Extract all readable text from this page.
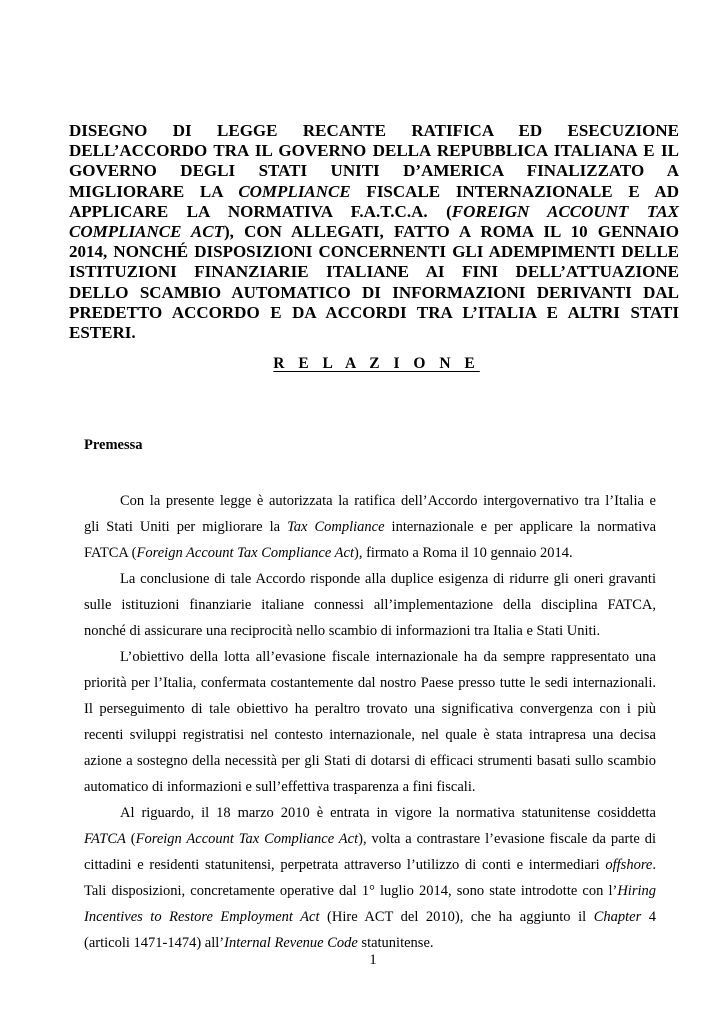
DISEGNO DI LEGGE RECANTE RATIFICA ED ESECUZIONE
DELL’ACCORDO TRA IL GOVERNO DELLA REPUBBLICA ITALIANA E IL
GOVERNO DEGLI STATI UNITI D’AMERICA FINALIZZATO A
MIGLIORARE LA COMPLIANCE FISCALE INTERNAZIONALE E AD
APPLICARE LA NORMATIVA F.A.T.C.A. (FOREIGN ACCOUNT TAX
COMPLIANCE ACT), CON ALLEGATI, FATTO A ROMA IL 10 GENNAIO
2014, NONCHÉ DISPOSIZIONI CONCERNENTI GLI ADEMPIMENTI DELLE
ISTITUZIONI FINANZIARIE ITALIANE AI FINI DELL’ATTUAZIONE
DELLO SCAMBIO AUTOMATICO DI INFORMAZIONI DERIVANTI DAL
PREDETTO ACCORDO E DA ACCORDI TRA L’ITALIA E ALTRI STATI
ESTERI.
R E L A Z I O N E
Premessa
Con la presente legge è autorizzata la ratifica dell’Accordo intergovernativo tra l’Italia e
gli Stati Uniti per migliorare la Tax Compliance internazionale e per applicare la normativa
FATCA (Foreign Account Tax Compliance Act), firmato a Roma il 10 gennaio 2014.
La conclusione di tale Accordo risponde alla duplice esigenza di ridurre gli oneri gravanti
sulle istituzioni finanziarie italiane connessi all’implementazione della disciplina FATCA,
nonché di assicurare una reciprocità nello scambio di informazioni tra Italia e Stati Uniti.
L’obiettivo della lotta all’evasione fiscale internazionale ha da sempre rappresentato una
priorità per l’Italia, confermata costantemente dal nostro Paese presso tutte le sedi internazionali.
Il perseguimento di tale obiettivo ha peraltro trovato una significativa convergenza con i più
recenti sviluppi registratisi nel contesto internazionale, nel quale è stata intrapresa una decisa
azione a sostegno della necessità per gli Stati di dotarsi di efficaci strumenti basati sullo scambio
automatico di informazioni e sull’effettiva trasparenza a fini fiscali.
Al riguardo, il 18 marzo 2010 è entrata in vigore la normativa statunitense cosiddetta
FATCA (Foreign Account Tax Compliance Act), volta a contrastare l’evasione fiscale da parte di
cittadini e residenti statunitensi, perpetrata attraverso l’utilizzo di conti e intermediari offshore.
Tali disposizioni, concretamente operative dal 1° luglio 2014, sono state introdotte con l’Hiring
Incentives to Restore Employment Act (Hire ACT del 2010), che ha aggiunto il Chapter 4
(articoli 1471-1474) all’Internal Revenue Code statunitense.
1
